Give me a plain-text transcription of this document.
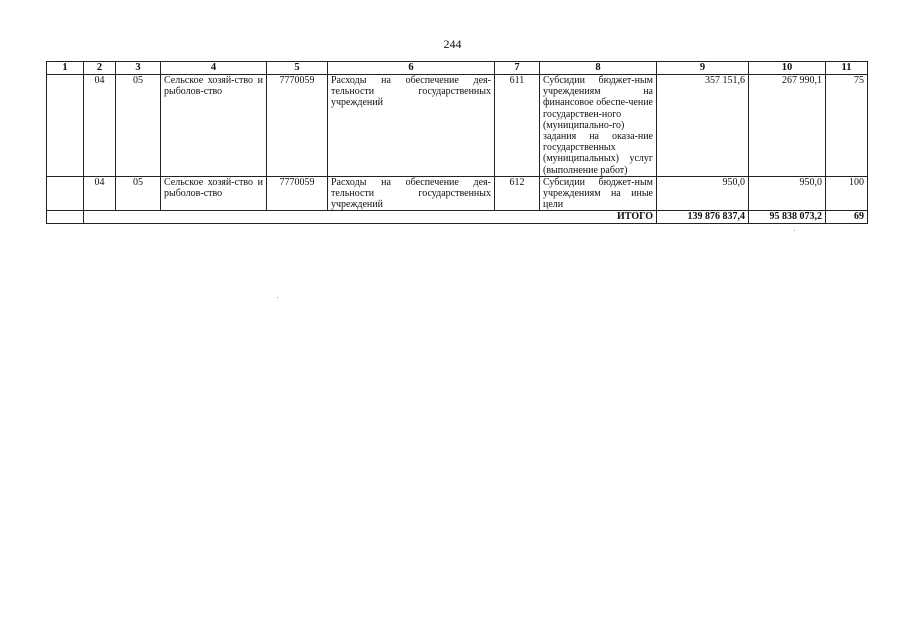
244
1	2	3	4	5	6	7	8	9	10	11
	04	05	Сельское хозяй-ство и рыболов-ство	7770059	Расходы на обеспечение дея-тельности государственных учреждений	611	Субсидии бюджет-ным учреждениям на финансовое обеспе-чение государствен-ного (муниципально-го) задания на оказа-ние государственных (муниципальных) услуг (выполнение работ)	357 151,6	267 990,1	75
	04	05	Сельское хозяй-ство и рыболов-ство	7770059	Расходы на обеспечение дея-тельности государственных учреждений	612	Субсидии бюджет-ным учреждениям на иные цели	950,0	950,0	100
	ИТОГО							139 876 837,4	95 838 073,2	69
